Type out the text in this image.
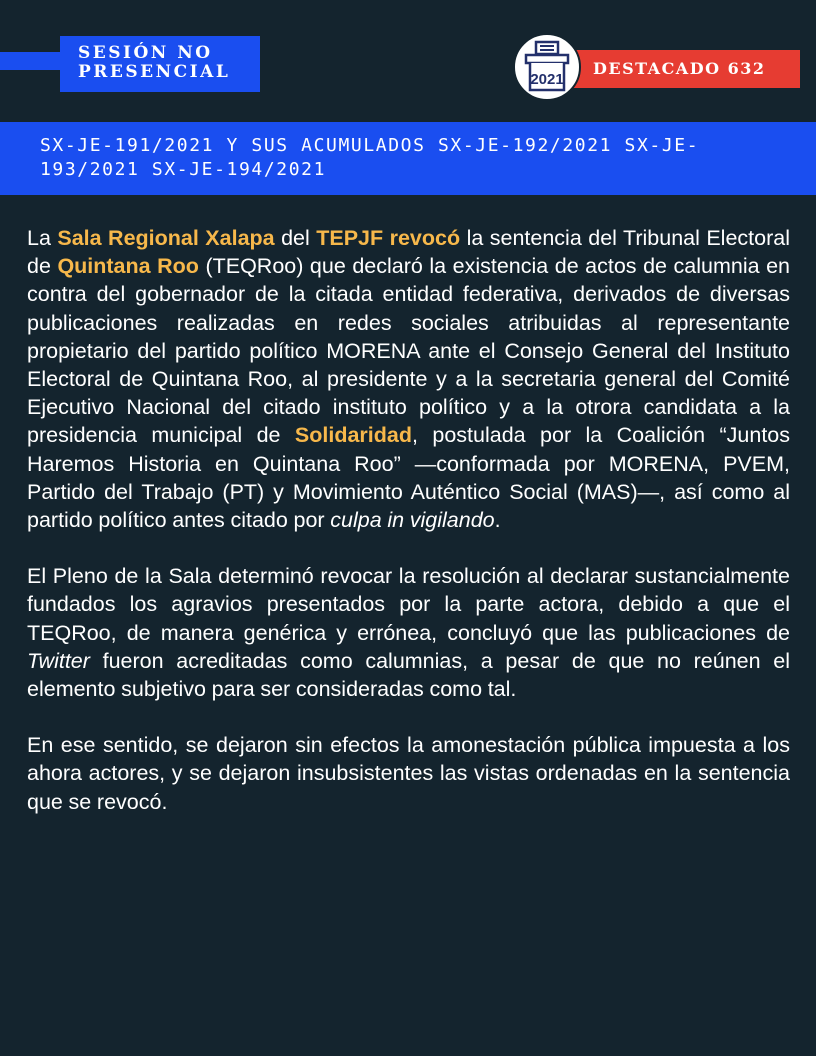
SESIÓN NO
PRESENCIAL	DESTACADO 632
2021
SX-JE-191/2021 Y SUS ACUMULADOS SX-JE-192/2021 SX-JE-193/2021 SX-JE-194/2021

La Sala Regional Xalapa del TEPJF revocó la sentencia del Tribunal Electoral de Quintana Roo (TEQRoo) que declaró la existencia de actos de calumnia en contra del gobernador de la citada entidad federativa, derivados de diversas publicaciones realizadas en redes sociales atribuidas al representante propietario del partido político MORENA ante el Consejo General del Instituto Electoral de Quintana Roo, al presidente y a la secretaria general del Comité Ejecutivo Nacional del citado instituto político y a la otrora candidata a la presidencia municipal de Solidaridad, postulada por la Coalición “Juntos Haremos Historia en Quintana Roo” —conformada por MORENA, PVEM, Partido del Trabajo (PT) y Movimiento Auténtico Social (MAS)—, así como al partido político antes citado por culpa in vigilando.

El Pleno de la Sala determinó revocar la resolución al declarar sustancialmente fundados los agravios presentados por la parte actora, debido a que el TEQRoo, de manera genérica y errónea, concluyó que las publicaciones de Twitter fueron acreditadas como calumnias, a pesar de que no reúnen el elemento subjetivo para ser consideradas como tal.

En ese sentido, se dejaron sin efectos la amonestación pública impuesta a los ahora actores, y se dejaron insubsistentes las vistas ordenadas en la sentencia que se revocó.
